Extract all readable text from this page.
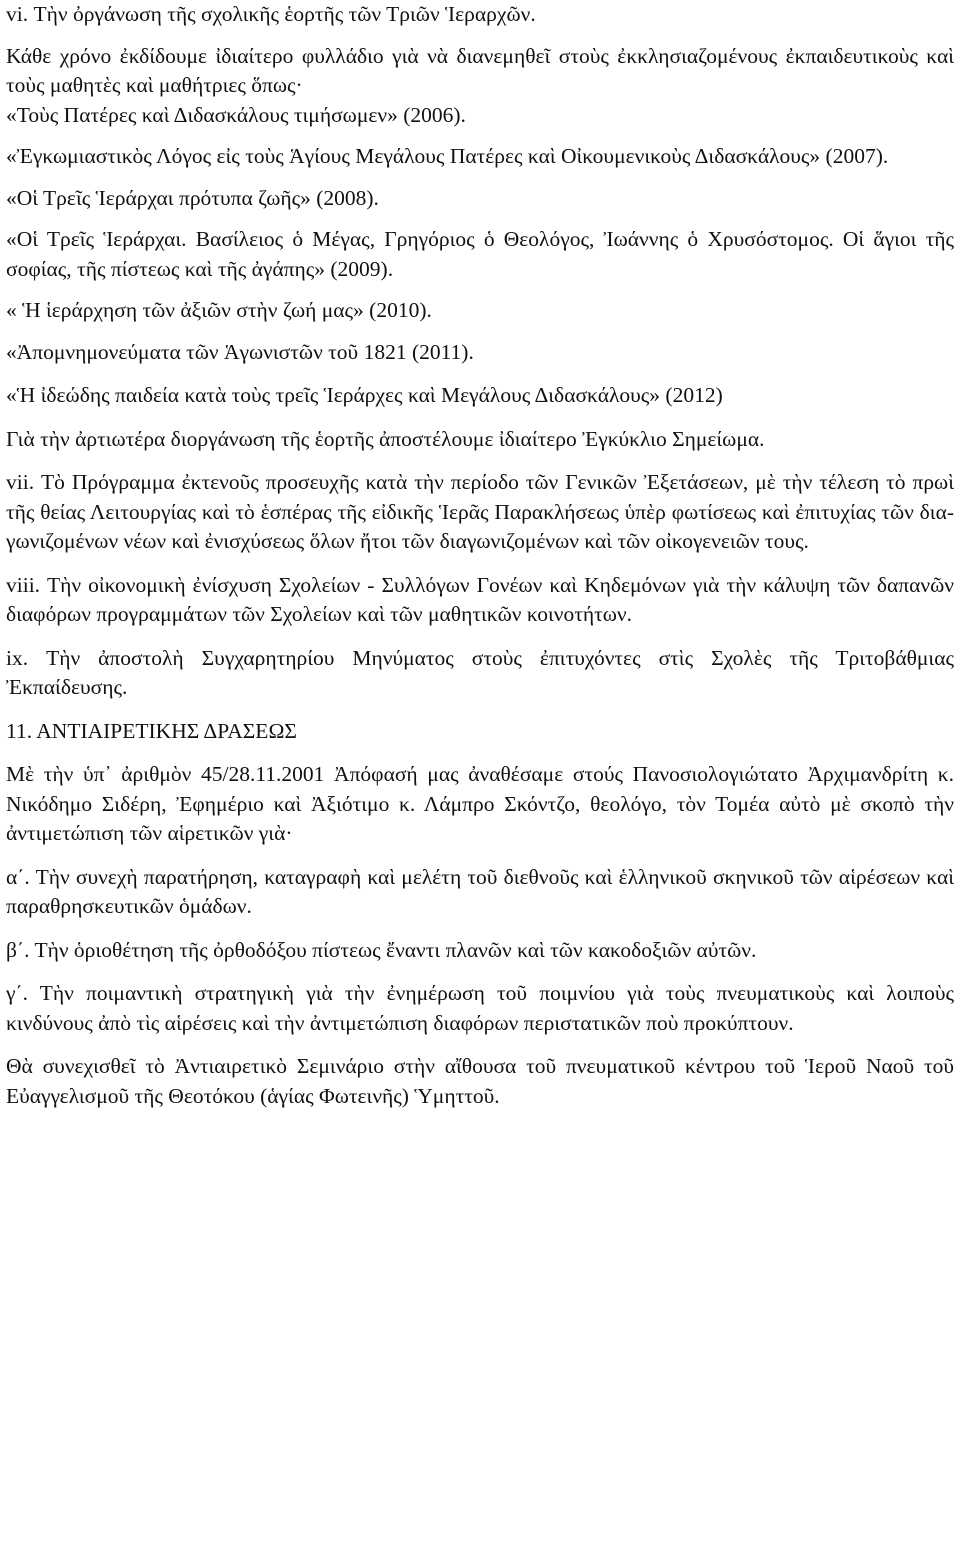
vi. Τὴν ὀργάνωση τῆς σχολικῆς ἑορτῆς τῶν Τριῶν Ἱεραρχῶν.

Κάθε χρόνο ἐκδίδουμε ἰδιαίτερο φυλλάδιο γιὰ νὰ διανεμηθεῖ στοὺς ἐκκλησιαζομένους ἐκπαιδευτικοὺς καὶ τοὺς μαθητὲς καὶ μαθήτριες ὅπως·

«Τοὺς Πατέρες καὶ Διδασκάλους τιμήσωμεν» (2006).

«Ἐγκωμιαστικὸς Λόγος εἰς τοὺς Ἁγίους Μεγάλους Πατέρες καὶ Οἰκουμενικοὺς Διδασκάλους» (2007).

«Οἱ Τρεῖς Ἱεράρχαι πρότυπα ζωῆς» (2008).

«Οἱ Τρεῖς Ἱεράρχαι. Βασίλειος ὁ Μέγας, Γρηγόριος ὁ Θεολόγος, Ἰωάννης ὁ Χρυσόστομος. Οἱ ἅγιοι τῆς σοφίας, τῆς πίστεως καὶ τῆς ἀγάπης» (2009).

« Ἡ ἱεράρχηση τῶν ἀξιῶν στὴν ζωή μας» (2010).

«Ἀπομνημονεύματα τῶν Ἁγωνιστῶν τοῦ 1821 (2011).

«Ἡ ἰδεώδης παιδεία κατὰ τοὺς τρεῖς Ἱεράρχες καὶ Μεγάλους Διδασκάλους» (2012)

Γιὰ τὴν ἀρτιωτέρα διοργάνωση τῆς ἑορτῆς ἀποστέλουμε ἰδιαίτερο Ἐγκύκλιο Σημείωμα.

vii. Τὸ Πρόγραμμα ἐκτενοῦς προσευχῆς κατὰ τὴν περίοδο τῶν Γενικῶν Ἐξετάσεων, μὲ τὴν τέλεση τὸ πρωὶ τῆς θείας Λειτουργίας καὶ τὸ ἑσπέρας τῆς εἰδικῆς Ἱερᾶς Παρακλήσεως ὑπὲρ φωτίσεως καὶ ἐπιτυχίας τῶν δια-γωνιζομένων νέων καὶ ἐνισχύσεως ὅλων ἤτοι τῶν διαγωνιζομένων καὶ τῶν οἰκογενειῶν τους.

viii. Τὴν οἰκονομικὴ ἐνίσχυση Σχολείων - Συλλόγων Γονέων καὶ Κηδεμόνων γιὰ τὴν κάλυψη τῶν δαπανῶν διαφόρων προγραμμάτων τῶν Σχολείων καὶ τῶν μαθητικῶν κοινοτήτων.

ix. Τὴν ἀποστολὴ Συγχαρητηρίου Μηνύματος στοὺς ἐπιτυχόντες στὶς Σχολὲς τῆς Τριτοβάθμιας Ἐκπαίδευσης.

11. ΑΝΤΙΑΙΡΕΤΙΚΗΣ ΔΡΑΣΕΩΣ

Μὲ τὴν ὑπ᾽ ἀριθμὸν 45/28.11.2001 Ἀπόφασή μας ἀναθέσαμε στούς Πανοσιολογιώτατο Ἀρχιμανδρίτη κ. Νικόδημο Σιδέρη, Ἐφημέριο καὶ Ἀξιότιμο κ. Λάμπρο Σκόντζο, θεολόγο, τὸν Τομέα αὐτὸ μὲ σκοπὸ τὴν ἀντιμετώπιση τῶν αἱρετικῶν γιὰ·

α΄. Τὴν συνεχὴ παρατήρηση, καταγραφὴ καὶ μελέτη τοῦ διεθνοῦς καὶ ἑλληνικοῦ σκηνικοῦ τῶν αἱρέσεων καὶ παραθρησκευτικῶν ὁμάδων.

β΄. Τὴν ὁριοθέτηση τῆς ὀρθοδόξου πίστεως ἔναντι πλανῶν καὶ τῶν κακοδοξιῶν αὐτῶν.

γ΄. Τὴν ποιμαντικὴ στρατηγικὴ γιὰ τὴν ἐνημέρωση τοῦ ποιμνίου γιὰ τοὺς πνευματικοὺς καὶ λοιποὺς κινδύνους ἀπὸ τὶς αἱρέσεις καὶ τὴν ἀντιμετώπιση διαφόρων περιστατικῶν ποὺ προκύπτουν.

Θὰ συνεχισθεῖ τὸ Ἀντιαιρετικὸ Σεμινάριο στὴν αἴθουσα τοῦ πνευματικοῦ κέντρου τοῦ Ἱεροῦ Ναοῦ τοῦ Εὐαγγελισμοῦ τῆς Θεοτόκου (ἁγίας Φωτεινῆς) Ὑμηττοῦ.
